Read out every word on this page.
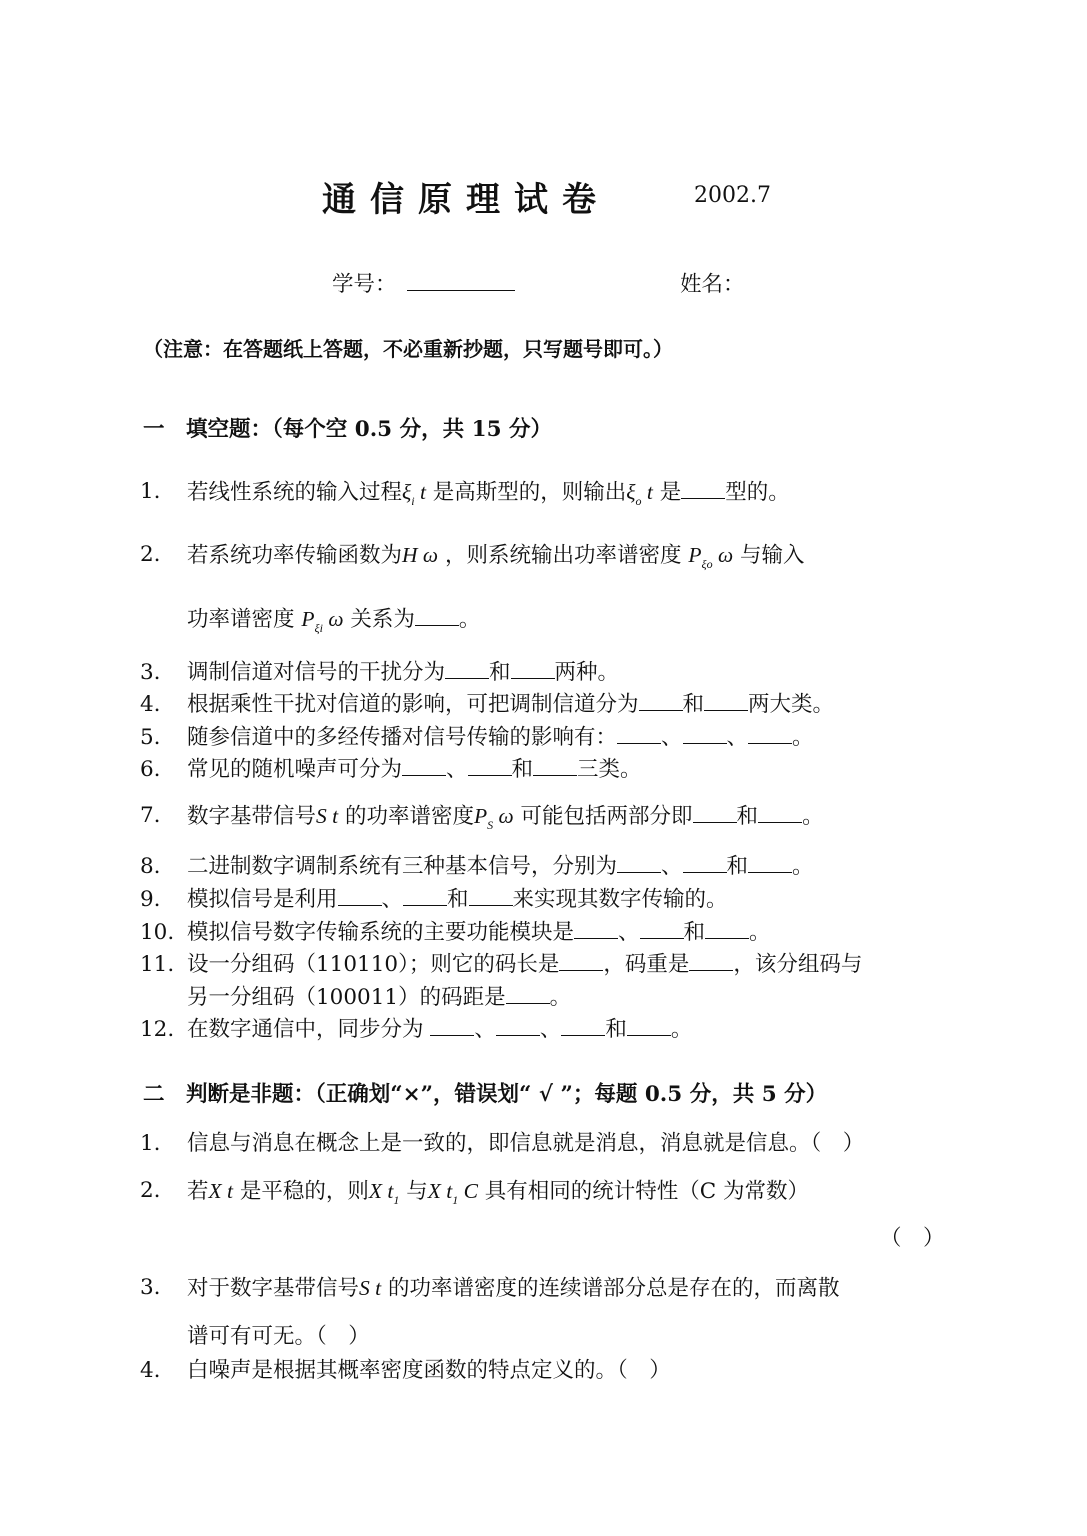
通信原理试卷	2002.7
学号：	姓名：
（注意：在答题纸上答题，不必重新抄题，只写题号即可。）
一　填空题：（每个空 0.5 分，共 15 分）
1. 若线性系统的输入过程$\xi_i$ t 是高斯型的，则输出$\xi_o$ t 是 型的。
2. 若系统功率传输函数为H ω ，则系统输出功率谱密度 $P_{\xi o}$ ω 与输入
功率谱密度 $P_{\xi i}$ ω 关系为 。
3. 调制信道对信号的干扰分为 和 两种。
4. 根据乘性干扰对信道的影响，可把调制信道分为 和 两大类。
5. 随参信道中的多经传播对信号传输的影响有： 、 、 。
6. 常见的随机噪声可分为 、 和 三类。
7. 数字基带信号S t 的功率谱密度$P_S$ ω 可能包括两部分即 和 。
8. 二进制数字调制系统有三种基本信号，分别为 、 和 。
9. 模拟信号是利用 、 和 来实现其数字传输的。
10. 模拟信号数字传输系统的主要功能模块是 、 和 。
11. 设一分组码（110110）；则它的码长是 ，码重是 ，该分组码与
另一分组码（100011）的码距是 。
12. 在数字通信中，同步分为 、 、 和 。
二　判断是非题：（正确划“×”，错误划“ √ ”；每题 0.5 分，共 5 分）
1. 信息与消息在概念上是一致的，即信息就是消息，消息就是信息。（　）
2. 若X t 是平稳的，则X $t_1$ 与X $t_1$ C 具有相同的统计特性（C 为常数）
（　）
3. 对于数字基带信号S t 的功率谱密度的连续谱部分总是存在的，而离散
谱可有可无。（　）
4. 白噪声是根据其概率密度函数的特点定义的。（　）
